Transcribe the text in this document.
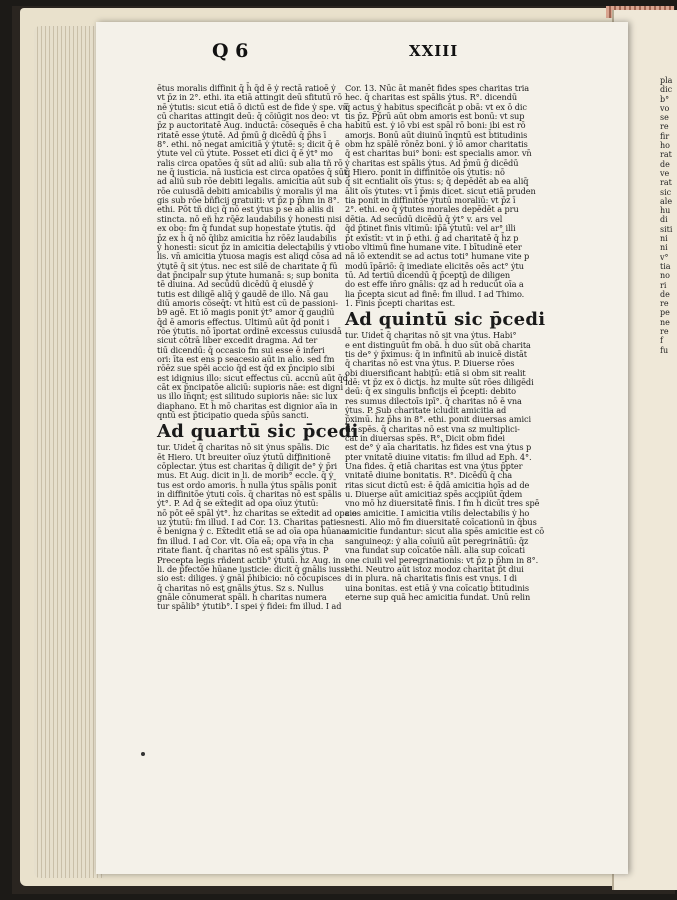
pla

dic

b°

vo

se

re

fir

ho

rat

de

ve

rat

sic

ale

hu

di

siti

ni

ni

v°

tia

no

ri

de

re

pe

ne

re

f

fu

Q 6	XXIII

ētus moralis diffinit q̄ h̄ q̄d ē ẏ rectā ratioē ẏ

vt p̄z in 2°. ethi. ita etiā attingit deū sfitutū rō

nē ẏtutis: sicut etiā ō dictū est de fide ẏ spe. vn̄

cū charitas attingit deū: q̄ cōiūgit nos deo: vt

p̄z p auctoritatē Aug. inductā: cōsequēs ē cha

ritatē esse ẏtutē. Ad p̄mū ḡ dicēdū q̄ p̄hs ī

8°. ethi. nō negat amicitiā ẏ ẏtutē: s; dicit q̄ ē

ẏtute vel cū ẏtute. Posset eti dici q̄ ē ẏt° mo

ralis circa opatōes q̄ sūt ad aliū: sub alia tñ rō

ne q̄ iusticia. nā iusticia est circa opatōes q̄ sūt

ad aliū sub rōe debiti legalis. amicitia aūt sub

rōe cuiusdā debiti amicabilis ẏ moralis ẏl ma

gis sub rōe bñficij gratuiti: vt p̄z p p̄hm in 8°.

ethi. Pōt tñ dici q̄ nō est ẏtus p se ab aliis di

stincta. nō eñ h̄z rōēz laudabilis ẏ honesti nisi

ex obo: fm q̄ fundat̄ sup honestate ẏtutis. q̄d

p̄z ex h̄ q̄ nō q̄libz amicitia h̄z rōēz laudabilis

ẏ honesti: sicut p̄z in amicitia delectabilis ẏ vti

lis. vn̄ amicitia ẏtuosa magis est aliqd̄ cōsa ad

ẏtutē q̄ sit ẏtus. nec est silē de charitate q̄ fū

dat̄ p̄ncipalr sup ẏtute humanā: s; sup bonita

tē diuina. Ad secūdū dicēdū q̄ eiusdē ẏ

tutis est diligē aliq̄ ẏ gaudē de illo. Nā gau

diū amoris cōseq̄t: vt h̄itū est cū de passioni-

b9 agē. Et iō magis ponit ẏt° amor q̄ gaudiū

q̄d ē amoris effectus. Ultimū aūt q̄d ponit̄ i

rōe ẏtutis. nō īportat ordinē excessus cuiusdā

sicut cōtrā liber excedit dragma. Ad ter

tiū dicendū: q̄ occasio fm sui esse ē inferi

ori: īta est ens p seacesio aūt in alio. sed fm

rōēz sue spēi accio q̄d est q̄d ex p̄ncipio sibi

est idignius illo: sicut effectus cū. accnū aūt q̄d

cāt ex p̄ncipatōe aliciū: supioris nāe: est digni

us illo in̄qnt; est silitudo supioris nāe: sic lux

diaphano. Et h̄ mō charitas est dignior aīa in

qntū est p̄ticipatio queda sp̄ūs sancti.

Ad quartū sic p̄cedi

tur. Uidet̄ q̄ charitas nō sit ẏnus spālis. Dic

ēt Hiero. Ut breuiter oīuz ẏtutū diffinitionē

cōplectar. ẏtus est charitas q̄ diligit̄ de° ẏ p̄ri

mus. Et Aug. dicit in li. de morib° eccle. q̄ ẏ

tus est ordo amoris. h̄ nulla ẏtus spālis ponit̄

in diffinitōe ẏtuti coīs. q̄ charitas nō est spālis

ẏt°. P. Ad q̄ se ex̄tedit ad opa oīuz ẏtutū:

nō pōt eē spāl ẏt°. h̄z charitas se ex̄tedit ad opa o

uz ẏtutū: fm illud. I ad Cor. 13. Charitas paties

ē benigna ẏ c. Ex̄tedit etiā se ad oīa opa hūana:

fm illud. I ad Cor. vlt. Oīa eā; opa vr̄a in cha

ritate fiant. q̄ charitas nō est spālis ẏtus. P̄

Precepta legis rñdent actib° ẏtutū. h̄z Aug. in

li. de p̄fectōe hūane iusticie: dicit q̄ gnālis iussi

sio est: diliges. ẏ gnāl̄ p̄hibicio: nō cōcupisces

q̄ charitas nō est gnālis ẏtus. Sz s. Nullus

gnāle cōnumerat̄ spāli. h̄ charitas numera

tur spālib° ẏtutib°. I spei ẏ fidei: fm illud. I ad

Cor. 13. Nūc āt manēt fides spes charitas tria

hec. q̄ charitas est spālis ẏtus. R°. dicendū

q̄ actus ẏ habitus specificāt p obā: vt ex ō dic

tis p̄z. P̄p̄rū aūt obm amoris est bonū: vt sup

habitū est. ẏ iō vbi est spāl rō boni: ibi est rō

amoris. Bonū aūt diuinū īnqntū est b̄titudinis

obm h̄z spālē rōnēz boni. ẏ iō amor charitatis

q̄ est charitas bui° boni: est specialis amor. vn̄

ẏ charitas est spālis ẏtus. Ad p̄mū ḡ dicēdū

q̄ Hiero. ponit in diffinitōe oīs ẏtutis: nō

q̄ sit ecntialit oīs ẏtus: s; q̄ depēdēt ab ea aliq̄

ālit oīs ẏtutes: vt ī p̄mis dicet. sicut etiā pruden

tia ponit in diffinitōe ẏtutū moraliū: vt p̄z ī

2°. ethi. eo q̄ ẏtutes morales depēdēt a pru

dētia. Ad secūdū dicēdū q̄ ẏt° v. ars vel

q̄d p̄tinet finis vltimū: ip̄ā ẏtutū: vel ar° illi

p̄t exīstīt: vt in p̄ ethi. ḡ ad charitatē q̄ h̄z p

obo vltimū fine humane vite. I bītudinē eter

nā iō extendit se ad actus toti° humane vite p

modū īpāriō: q̄ imediate elicitēs oēs act° ẏtu

tū. Ad tertiū dicendū q̄ p̄ceptū de diligen

do est effe in̄ro gnālis: qz ad h̄ reducūt oīa a

lia p̄cepta sicut ad finē: fm illud. I ad Thimo.

1. Finis p̄cepti charitas est.

Ad quintū sic p̄cedi

tur. Uidet̄ q̄ charitas nō sit vna ẏtus. Habi°

e ent distinguūt̄ fm obā. h̄ duo sūt obā charita

tis de° ẏ p̄ximus: q̄ in infinitū ab inuicē distāt

q̄ charitas nō est vna ẏtus. P. Diuerse rōes

obi diuersificant habitū: etiā si obm sit realit

idē: vt p̄z ex ō dictis. h̄z multe sūt rōes diligēdi

deū: q̄ ex singulis b̄nficijs eī p̄cepti: debito

res sumus dilectoīs ipī°. q̄ charitas nō ē vna

ẏtus. P. Sub charitate icludit amicitia ad

p̄ximū. h̄z p̄hs in 8°. ethi. ponit diuersas amici

tie spēs. q̄ charitas nō est vna sz multiplici-

cat in diuersas spēs. R°. Dicit obm fidei

est de° ẏ aīa charitatis. h̄z fides est vna ẏtus p

pter vnitatē diuine vitatis: fm illud ad Eph. 4°.

Una fides. q̄ etiā charitas est vna ẏtus p̄pter

vnitatē diuine bonitatis. R°. Dicēdū q̄ cha

ritas sicut dictū est: ē q̄dā amicitia hoīs ad de

u. Diuerse aūt amicitiaz spēs accipiūt̄ q̄dem

vno mō h̄z diuersitatē finis. I fm h̄ dicūt tres spē

cies amicitie. I amicitia vtilis delectabilis ẏ ho

nesti. Alio mō fm diuersitatē coīcationū in q̄bus

amicitie fundantur: sicut alia spēs amicitie est cō

sanguineoz: ẏ alia coīuiū aūt peregrinātiū: q̄z

vna fundat̄ sup coīcatōe nāli. alia sup coīcati

one ciuili vel peregrinationis: vt p̄z p p̄hm in 8°.

ethi. Neutro aūt istoz modoz charitat p̄t diui

di in plura. nā charitatis finis est vnus. I di

uina bonitas. est etiā ẏ vna coīcatio b̄titudinis

eterne sup quā hec amicitia fundat̄. Unū relin
